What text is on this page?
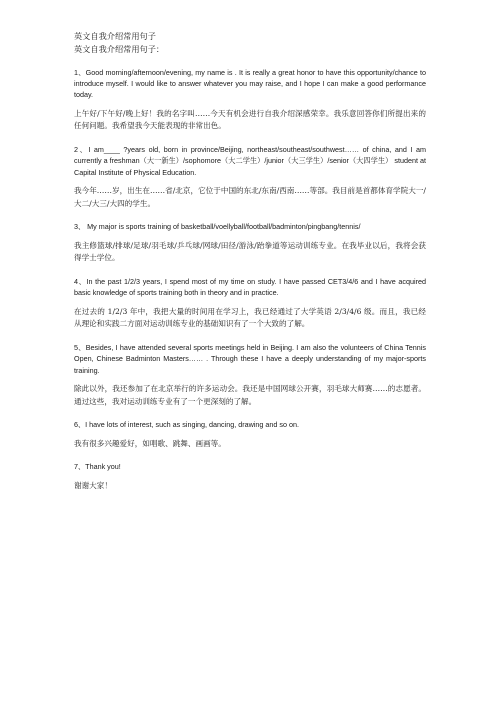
英文自我介绍常用句子

英文自我介绍常用句子：

1、Good morning/afternoon/evening, my name is . It is really a great honor to have this opportunity/chance to introduce myself. I would like to answer whatever you may raise, and I hope I can make a good performance today.

上午好/下午好/晚上好！我的名字叫……今天有机会进行自我介绍深感荣幸。我乐意回答你们所提出来的任何问题。我希望我今天能表现的非常出色。

2、I am____ ?years old, born in province/Beijing, northeast/southeast/southwest…… of china, and I am currently a freshman（大一新生）/sophomore（大二学生）/junior（大三学生）/senior（大四学生） student at Capital Institute of Physical Education.

我今年……岁，出生在……省/北京，它位于中国的东北/东南/西南……等部。我目前是首都体育学院大一/大二/大三/大四的学生。

3、 My major is sports training of basketball/voellyball/football/badminton/pingbang/tennis/

我主修篮球/排球/足球/羽毛球/乒乓球/网球/田径/游泳/跆拳道等运动训练专业。在我毕业以后，我将会获得学士学位。

4、In the past 1/2/3 years, I spend most of my time on study. I have passed CET3/4/6 and I have acquired basic knowledge of sports training both in theory and in practice.

在过去的 1/2/3 年中，我把大量的时间用在学习上，我已经通过了大学英语 2/3/4/6 级。而且，我已经从理论和实践二方面对运动训练专业的基础知识有了一个大致的了解。

5、Besides, I have attended several sports meetings held in Beijing. I am also the volunteers of China Tennis Open, Chinese Badminton Masters…… . Through these I have a deeply understanding of my major-sports training.

除此以外，我还参加了在北京举行的许多运动会。我还是中国网球公开赛，羽毛球大师赛……的志愿者。通过这些，我对运动训练专业有了一个更深刻的了解。

6、I have lots of interest, such as singing, dancing, drawing and so on.

我有很多兴趣爱好，如唱歌、跳舞、画画等。

7、Thank you!

谢谢大家！
